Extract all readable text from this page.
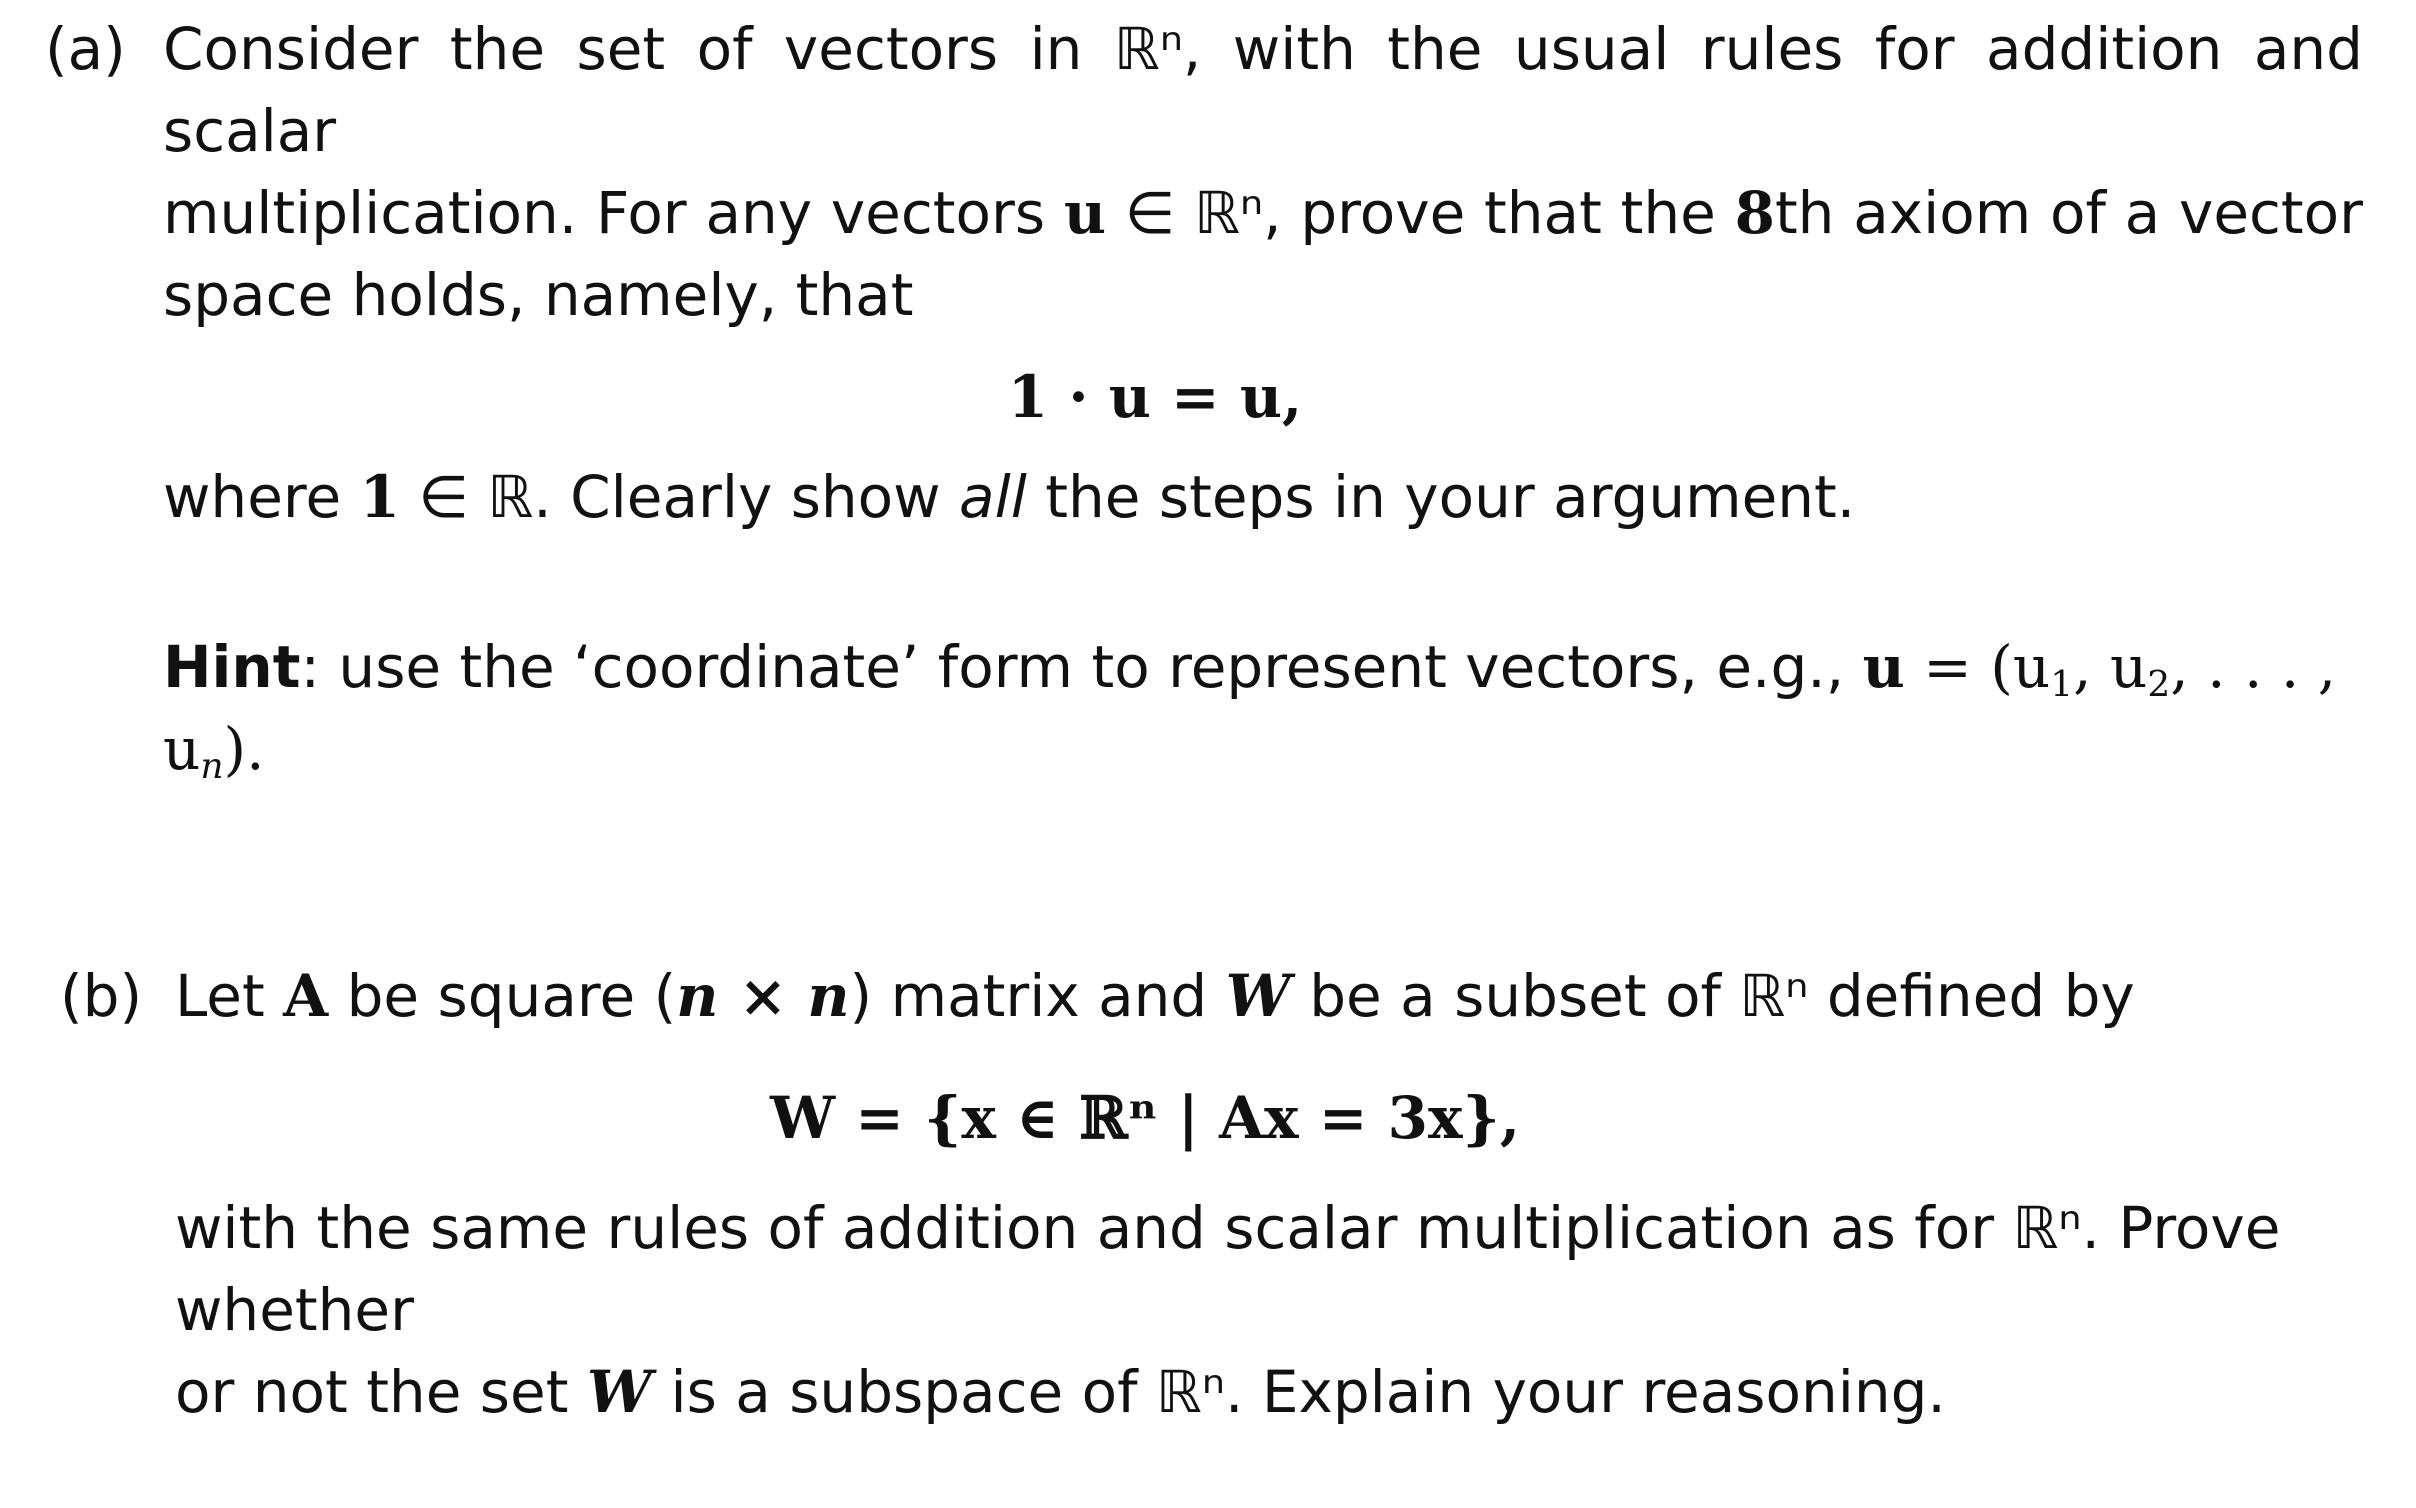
(a) Consider the set of vectors in ℝⁿ, with the usual rules for addition and scalar
multiplication. For any vectors u ∈ ℝⁿ, prove that the 8th axiom of a vector
space holds, namely, that
1 · u = u,
where 1 ∈ ℝ. Clearly show all the steps in your argument.
Hint: use the ‘coordinate’ form to represent vectors, e.g., $u = (u_1$, $u_2$, . . . , $u_n$).
(b) Let A be square (n × n) matrix and W be a subset of ℝⁿ defined by
W = {x ∈ ℝⁿ | Ax = 3x},
with the same rules of addition and scalar multiplication as for ℝⁿ. Prove whether
or not the set W is a subspace of ℝⁿ. Explain your reasoning.
